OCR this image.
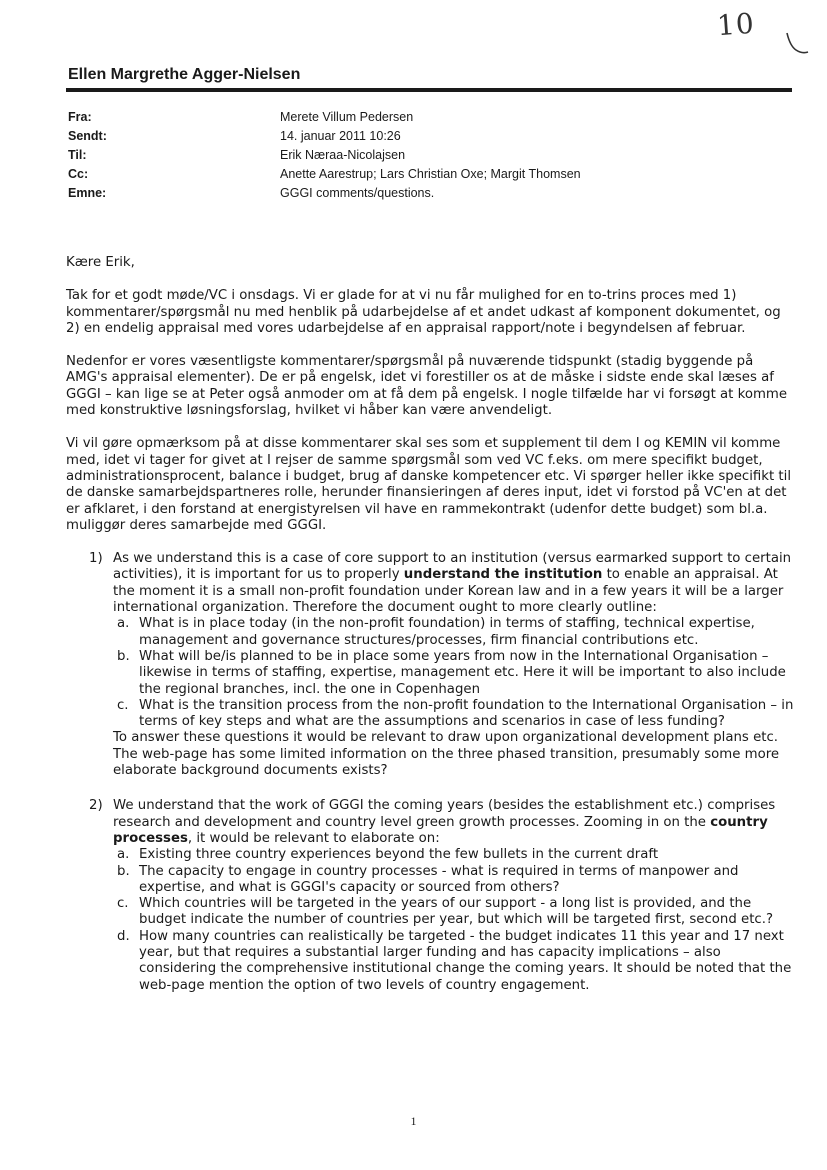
10
Ellen Margrethe Agger-Nielsen
Fra:	Merete Villum Pedersen
Sendt:	14. januar 2011 10:26
Til:	Erik Næraa-Nicolajsen
Cc:	Anette Aarestrup; Lars Christian Oxe; Margit Thomsen
Emne:	GGGI comments/questions.

Kære Erik,

Tak for et godt møde/VC i onsdags. Vi er glade for at vi nu får mulighed for en to-trins proces med 1) kommentarer/spørgsmål nu med henblik på udarbejdelse af et andet udkast af komponent dokumentet, og 2) en endelig appraisal med vores udarbejdelse af en appraisal rapport/note i begyndelsen af februar.

Nedenfor er vores væsentligste kommentarer/spørgsmål på nuværende tidspunkt (stadig byggende på AMG's appraisal elementer). De er på engelsk, idet vi forestiller os at de måske i sidste ende skal læses af GGGI – kan lige se at Peter også anmoder om at få dem på engelsk. I nogle tilfælde har vi forsøgt at komme med konstruktive løsningsforslag, hvilket vi håber kan være anvendeligt.

Vi vil gøre opmærksom på at disse kommentarer skal ses som et supplement til dem I og KEMIN vil komme med, idet vi tager for givet at I rejser de samme spørgsmål som ved VC f.eks. om mere specifikt budget, administrationsprocent, balance i budget, brug af danske kompetencer etc. Vi spørger heller ikke specifikt til de danske samarbejdspartneres rolle, herunder finansieringen af deres input, idet vi forstod på VC'en at det er afklaret, i den forstand at energistyrelsen vil have en rammekontrakt (udenfor dette budget) som bl.a. muliggør deres samarbejde med GGGI.

1) As we understand this is a case of core support to an institution (versus earmarked support to certain activities), it is important for us to properly understand the institution to enable an appraisal. At the moment it is a small non-profit foundation under Korean law and in a few years it will be a larger international organization. Therefore the document ought to more clearly outline:
a. What is in place today (in the non-profit foundation) in terms of staffing, technical expertise, management and governance structures/processes, firm financial contributions etc.
b. What will be/is planned to be in place some years from now in the International Organisation – likewise in terms of staffing, expertise, management etc. Here it will be important to also include the regional branches, incl. the one in Copenhagen
c. What is the transition process from the non-profit foundation to the International Organisation – in terms of key steps and what are the assumptions and scenarios in case of less funding?

To answer these questions it would be relevant to draw upon organizational development plans etc. The web-page has some limited information on the three phased transition, presumably some more elaborate background documents exists?

2) We understand that the work of GGGI the coming years (besides the establishment etc.) comprises research and development and country level green growth processes. Zooming in on the country processes, it would be relevant to elaborate on:
a. Existing three country experiences beyond the few bullets in the current draft
b. The capacity to engage in country processes - what is required in terms of manpower and expertise, and what is GGGI's capacity or sourced from others?
c. Which countries will be targeted in the years of our support - a long list is provided, and the budget indicate the number of countries per year, but which will be targeted first, second etc.?
d. How many countries can realistically be targeted - the budget indicates 11 this year and 17 next year, but that requires a substantial larger funding and has capacity implications – also considering the comprehensive institutional change the coming years. It should be noted that the web-page mention the option of two levels of country engagement.
1
